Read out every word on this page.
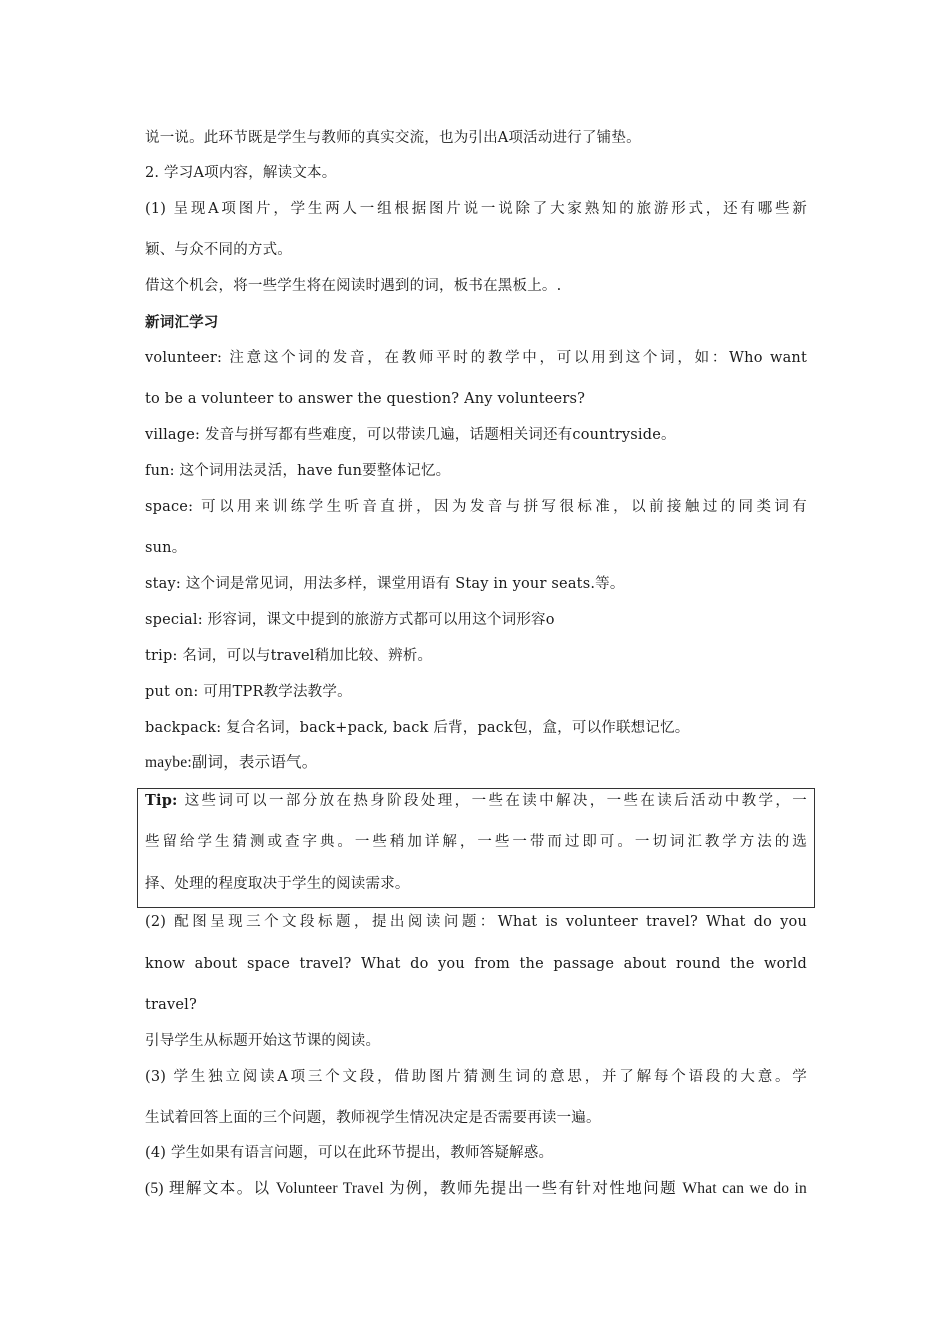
说一说。此环节既是学生与教师的真实交流，也为引出A项活动进行了铺垫。
2. 学习A项内容，解读文本。
(1) 呈现A项图片，学生两人一组根据图片说一说除了大家熟知的旅游形式，还有哪些新
颖、与众不同的方式。
借这个机会，将一些学生将在阅读时遇到的词，板书在黑板上。.
新词汇学习
volunteer: 注意这个词的发音，在教师平时的教学中，可以用到这个词，如：Who want
to be a volunteer to answer the question? Any volunteers?
village: 发音与拼写都有些难度，可以带读几遍，话题相关词还有countryside。
fun: 这个词用法灵活，have fun要整体记忆。
space: 可以用来训练学生听音直拼，因为发音与拼写很标准，以前接触过的同类词有
sun。
stay: 这个词是常见词，用法多样，课堂用语有 Stay in your seats.等。
special: 形容词，课文中提到的旅游方式都可以用这个词形容o
trip: 名词，可以与travel稍加比较、辨析。
put on: 可用TPR教学法教学。
backpack: 复合名词，back+pack, back 后背，pack包，盒，可以作联想记忆。
maybe:副词，表示语气。
Tip: 这些词可以一部分放在热身阶段处理，一些在读中解决，一些在读后活动中教学，一
些留给学生猜测或查字典。一些稍加详解，一些一带而过即可。一切词汇教学方法的选
择、处理的程度取决于学生的阅读需求。
(2) 配图呈现三个文段标题，提出阅读问题：What is volunteer travel? What do you
know about space travel? What do you from the passage about round the world
travel?
引导学生从标题开始这节课的阅读。
(3) 学生独立阅读A项三个文段，借助图片猜测生词的意思，并了解每个语段的大意。学
生试着回答上面的三个问题，教师视学生情况决定是否需要再读一遍。
(4) 学生如果有语言问题，可以在此环节提出，教师答疑解惑。
(5) 理解文本。以 Volunteer Travel 为例，教师先提出一些有针对性地问题 What can we do in
